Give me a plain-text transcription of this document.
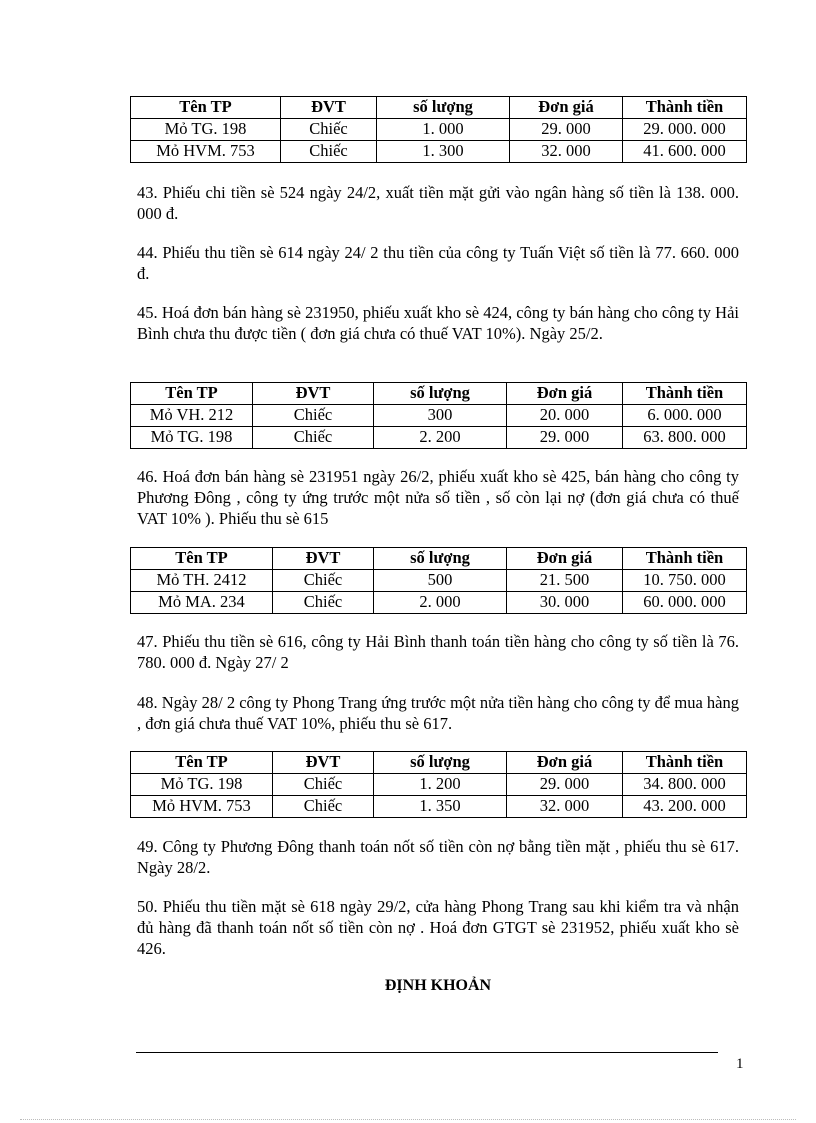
Tên TP	ĐVT	số lượng	Đơn giá	Thành tiền
Mỏ TG. 198	Chiếc	1. 000	29. 000	29. 000. 000
Mỏ HVM. 753	Chiếc	1. 300	32. 000	41. 600. 000

43. Phiếu chi tiền sè 524 ngày 24/2, xuất tiền mặt gửi vào ngân hàng số tiền là 138. 000. 000 đ.

44. Phiếu thu tiền sè 614 ngày 24/ 2 thu tiền của công ty Tuấn Việt số tiền là 77. 660. 000 đ.

45. Hoá đơn bán hàng sè 231950, phiếu xuất kho sè 424, công ty bán hàng cho công ty Hải Bình chưa thu được tiền ( đơn giá chưa có thuế VAT 10%). Ngày 25/2.

Tên TP	ĐVT	số lượng	Đơn giá	Thành tiền
Mỏ VH. 212	Chiếc	300	20. 000	6. 000. 000
Mỏ TG. 198	Chiếc	2. 200	29. 000	63. 800. 000

46. Hoá đơn bán hàng sè 231951 ngày 26/2, phiếu xuất kho sè 425, bán hàng cho công ty Phương Đông , công ty ứng trước một nửa số tiền , số còn lại nợ (đơn giá chưa có thuế VAT 10% ). Phiếu thu sè 615

Tên TP	ĐVT	số lượng	Đơn giá	Thành tiền
Mỏ TH. 2412	Chiếc	500	21. 500	10. 750. 000
Mỏ MA. 234	Chiếc	2. 000	30. 000	60. 000. 000

47. Phiếu thu tiền sè 616, công ty Hải Bình thanh toán tiền hàng cho công ty số tiền là 76. 780. 000 đ. Ngày 27/ 2

48. Ngày 28/ 2 công ty Phong Trang ứng trước một nửa tiền hàng cho công ty để mua hàng , đơn giá chưa thuế VAT 10%, phiếu thu sè 617.

Tên TP	ĐVT	số lượng	Đơn giá	Thành tiền
Mỏ TG. 198	Chiếc	1. 200	29. 000	34. 800. 000
Mỏ HVM. 753	Chiếc	1. 350	32. 000	43. 200. 000

49. Công ty Phương Đông thanh toán nốt số tiền còn nợ bằng tiền mặt , phiếu thu sè 617. Ngày 28/2.

50. Phiếu thu tiền mặt sè 618 ngày 29/2, cửa hàng Phong Trang sau khi kiểm tra và nhận đủ hàng đã thanh toán nốt số tiền còn nợ . Hoá đơn GTGT sè 231952, phiếu xuất kho sè 426.

ĐỊNH KHOẢN
1
